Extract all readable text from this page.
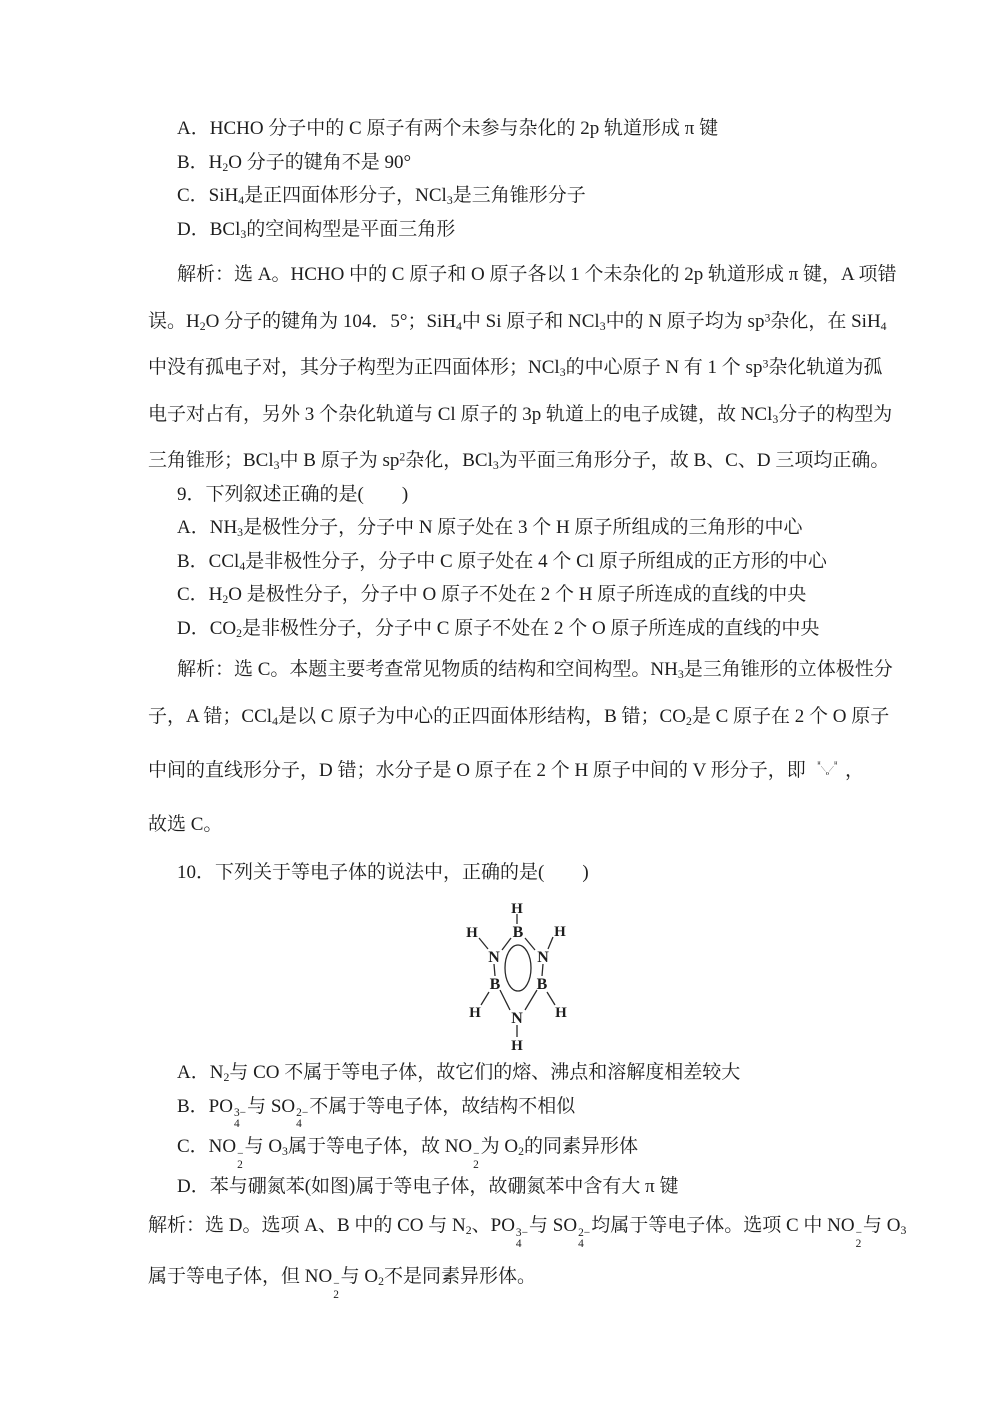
A．HCHO 分子中的 C 原子有两个未参与杂化的 2p 轨道形成 π 键
B．$H_2O$ 分子的键角不是 90°
C．SiH$_4$是正四面体形分子，NCl$_3$是三角锥形分子
D．BCl$_3$的空间构型是平面三角形
解析：选 A。HCHO 中的 C 原子和 O 原子各以 1 个未杂化的 2p 轨道形成 π 键，A 项错
误。$H_2O$ 分子的键角为 104．5°；SiH$_4$中 Si 原子和 NCl$_3$中的 N 原子均为 $sp^3$杂化，在 SiH$_4$
中没有孤电子对，其分子构型为正四面体形；NCl$_3$的中心原子 N 有 1 个 $sp^3$杂化轨道为孤
电子对占有，另外 3 个杂化轨道与 Cl 原子的 3p 轨道上的电子成键，故 NCl$_3$分子的构型为
三角锥形；BCl$_3$中 B 原子为 $sp^2$杂化，BCl$_3$为平面三角形分子，故 B、C、D 三项均正确。
9．下列叙述正确的是(　　)
A．$NH_3$是极性分子，分子中 N 原子处在 3 个 H 原子所组成的三角形的中心
B．CCl$_4$是非极性分子，分子中 C 原子处在 4 个 Cl 原子所组成的正方形的中心
C．$H_2O$ 是极性分子，分子中 O 原子不处在 2 个 H 原子所连成的直线的中央
D．$CO_2$是非极性分子，分子中 C 原子不处在 2 个 O 原子所连成的直线的中央
解析：选 C。本题主要考查常见物质的结构和空间构型。$NH_3$是三角锥形的立体极性分
子，A 错；CCl$_4$是以 C 原子为中心的正四面体形结构，B 错；$CO_2$是 C 原子在 2 个 O 原子
中间的直线形分子，D 错；水分子是 O 原子在 2 个 H 原子中间的 V 形分子，即 H H
O ，
故选 C。
10．下列关于等电子体的说法中，正确的是(　　)
H
B
H
N N
H
B B
H	H
N
H
A．$N_2$与 CO 不属于等电子体，故它们的熔、沸点和溶解度相差较大
B．PO 3−
4
与 SO 2−
4
不属于等电子体，故结构不相似
C．NO −
2
与 $O_3$属于等电子体，故 NO −
2
为 $O_2$的同素异形体
D．苯与硼氮苯(如图)属于等电子体，故硼氮苯中含有大 π 键
解析：选 D。选项 A、B 中的 CO 与 $N_2$、PO 3−
4
与 SO 2−
4
均属于等电子体。选项 C 中 NO −
2
与 $O_3$
属于等电子体，但 NO −
2
与 $O_2$不是同素异形体。
